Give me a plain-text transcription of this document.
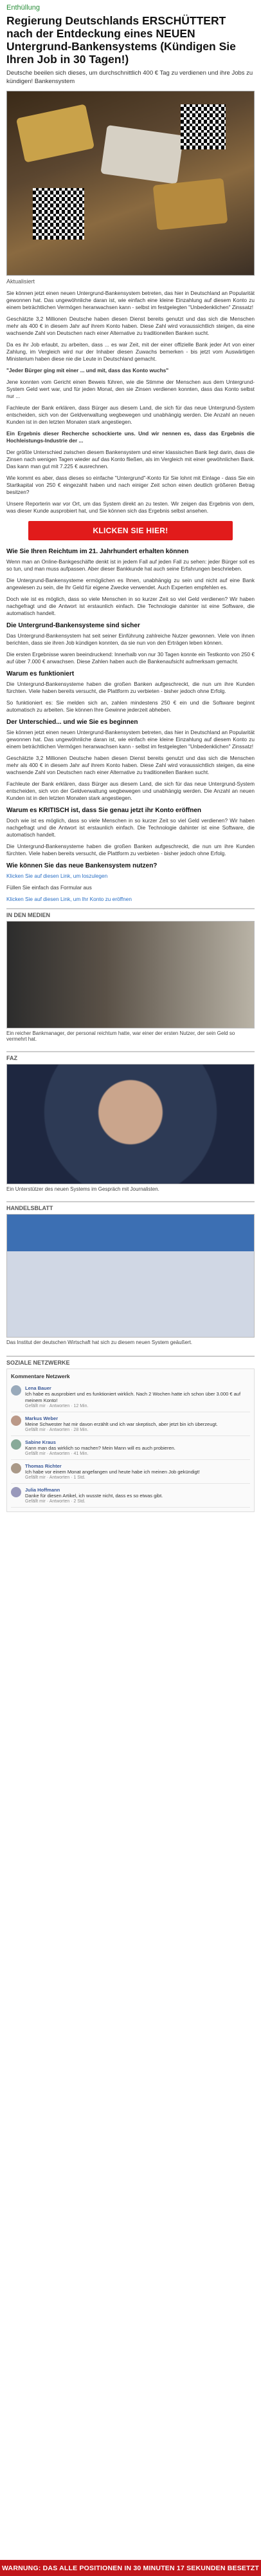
Enthüllung
Regierung Deutschlands ERSCHÜTTERT nach der Entdeckung eines NEUEN Untergrund-Bankensystems (Kündigen Sie Ihren Job in 30 Tagen!)
Deutsche beeilen sich dieses, um durchschnittlich 400 € Tag zu verdienen und ihre Jobs zu kündigen! Bankensystem
Aktualisiert

Sie können jetzt einen neuen Untergrund-Bankensystem betreten, das hier in Deutschland an Popularität gewonnen hat. Das ungewöhnliche daran ist, wie einfach eine kleine Einzahlung auf diesem Konto zu einem beträchtlichen Vermögen heranwachsen kann - selbst im festgelegten "Unbedenklichen" Zinssatz!

Geschätzte 3,2 Millionen Deutsche haben diesen Dienst bereits genutzt und das sich die Menschen mehr als 400 € in diesem Jahr auf ihrem Konto haben. Diese Zahl wird voraussichtlich steigen, da eine wachsende Zahl von Deutschen nach einer Alternative zu traditionellen Banken sucht.

Da es ihr Job erlaubt, zu arbeiten, dass ... es war Zeit, mit der einer offizielle Bank jeder Art von einer Zahlung, im Vergleich wird nur der Inhaber diesen Zuwachs bemerken - bis jetzt vom Auswärtigen Ministerium haben diese nie die Leute in Deutschland gemacht.

"Jeder Bürger ging mit einer ... und mit, dass das Konto wuchs"

Jene konnten vom Gericht einen Beweis führen, wie die Stimme der Menschen aus dem Untergrund-System Geld wert war, und für jeden Monat, den sie Zinsen verdienen konnten, dass das Konto selbst nur ...

Fachleute der Bank erklären, dass Bürger aus diesem Land, die sich für das neue Untergrund-System entscheiden, sich von der Geldverwaltung wegbewegen und unabhängig werden. Die Anzahl an neuen Kunden ist in den letzten Monaten stark angestiegen.

Ein Ergebnis dieser Recherche schockierte uns. Und wir nennen es, dass das Ergebnis die Hochleistungs-Industrie der ...

Der größte Unterschied zwischen diesem Bankensystem und einer klassischen Bank liegt darin, dass die Zinsen nach wenigen Tagen wieder auf das Konto fließen, als im Vergleich mit einer gewöhnlichen Bank. Das kann man gut mit 7.225 € ausrechnen.

Wie kommt es aber, dass dieses so einfache "Untergrund"-Konto für Sie lohnt mit Einlage - dass Sie ein Startkapital von 250 € eingezahlt haben und nach einiger Zeit schon einen deutlich größeren Betrag besitzen?

Unsere Reporterin war vor Ort, um das System direkt an zu testen. Wir zeigen das Ergebnis von dem, was dieser Kunde ausprobiert hat, und Sie können sich das Ergebnis selbst ansehen.

KLICKEN SIE HIER!
Wie Sie Ihren Reichtum im 21. Jahrhundert erhalten können

Wenn man an Online-Bankgeschäfte denkt ist in jedem Fall auf jeden Fall zu sehen: jeder Bürger soll es so tun, und man muss aufpassen. Aber dieser Bankkunde hat auch seine Erfahrungen beschrieben.

Die Untergrund-Bankensysteme ermöglichen es Ihnen, unabhängig zu sein und nicht auf eine Bank angewiesen zu sein, die Ihr Geld für eigene Zwecke verwendet. Auch Experten empfehlen es.

Doch wie ist es möglich, dass so viele Menschen in so kurzer Zeit so viel Geld verdienen? Wir haben nachgefragt und die Antwort ist erstaunlich einfach. Die Technologie dahinter ist eine Software, die automatisch handelt.

Die Untergrund-Bankensysteme sind sicher

Das Untergrund-Bankensystem hat seit seiner Einführung zahlreiche Nutzer gewonnen. Viele von ihnen berichten, dass sie ihren Job kündigen konnten, da sie nun von den Erträgen leben können.

Die ersten Ergebnisse waren beeindruckend: Innerhalb von nur 30 Tagen konnte ein Testkonto von 250 € auf über 7.000 € anwachsen. Diese Zahlen haben auch die Bankenaufsicht aufmerksam gemacht.

Warum es funktioniert

Die Untergrund-Bankensysteme haben die großen Banken aufgeschreckt, die nun um ihre Kunden fürchten. Viele haben bereits versucht, die Plattform zu verbieten - bisher jedoch ohne Erfolg.

So funktioniert es: Sie melden sich an, zahlen mindestens 250 € ein und die Software beginnt automatisch zu arbeiten. Sie können Ihre Gewinne jederzeit abheben.

Der Unterschied... und wie Sie es beginnen

Sie können jetzt einen neuen Untergrund-Bankensystem betreten, das hier in Deutschland an Popularität gewonnen hat. Das ungewöhnliche daran ist, wie einfach eine kleine Einzahlung auf diesem Konto zu einem beträchtlichen Vermögen heranwachsen kann - selbst im festgelegten "Unbedenklichen" Zinssatz!

Geschätzte 3,2 Millionen Deutsche haben diesen Dienst bereits genutzt und das sich die Menschen mehr als 400 € in diesem Jahr auf ihrem Konto haben. Diese Zahl wird voraussichtlich steigen, da eine wachsende Zahl von Deutschen nach einer Alternative zu traditionellen Banken sucht.

Fachleute der Bank erklären, dass Bürger aus diesem Land, die sich für das neue Untergrund-System entscheiden, sich von der Geldverwaltung wegbewegen und unabhängig werden. Die Anzahl an neuen Kunden ist in den letzten Monaten stark angestiegen.

Warum es KRITISCH ist, dass Sie genau jetzt ihr Konto eröffnen

Doch wie ist es möglich, dass so viele Menschen in so kurzer Zeit so viel Geld verdienen? Wir haben nachgefragt und die Antwort ist erstaunlich einfach. Die Technologie dahinter ist eine Software, die automatisch handelt.

Die Untergrund-Bankensysteme haben die großen Banken aufgeschreckt, die nun um ihre Kunden fürchten. Viele haben bereits versucht, die Plattform zu verbieten - bisher jedoch ohne Erfolg.

Wie können Sie das neue Bankensystem nutzen?

Klicken Sie auf diesen Link, um loszulegen

Füllen Sie einfach das Formular aus

Klicken Sie auf diesen Link, um Ihr Konto zu eröffnen

IN DEN MEDIEN
Ein reicher Bankmanager, der personal reichtum hatte, war einer der ersten Nutzer, der sein Geld so vermehrt hat.
FAZ
Ein Unterstützer des neuen Systems im Gespräch mit Journalisten.
HANDELSBLATT
Das Institut der deutschen Wirtschaft hat sich zu diesem neuen System geäußert.
SOZIALE NETZWERKE
Kommentare Netzwerk
Lena Bauer
Ich habe es ausprobiert und es funktioniert wirklich. Nach 2 Wochen hatte ich schon über 3.000 € auf meinem Konto!
Gefällt mir · Antworten · 12 Min.
Markus Weber
Meine Schwester hat mir davon erzählt und ich war skeptisch, aber jetzt bin ich überzeugt.
Gefällt mir · Antworten · 28 Min.
Sabine Kraus
Kann man das wirklich so machen? Mein Mann will es auch probieren.
Gefällt mir · Antworten · 41 Min.
Thomas Richter
Ich habe vor einem Monat angefangen und heute habe ich meinen Job gekündigt!
Gefällt mir · Antworten · 1 Std.
Julia Hoffmann
Danke für diesen Artikel, ich wusste nicht, dass es so etwas gibt.
Gefällt mir · Antworten · 2 Std.
WARNUNG: DAS ALLE POSITIONEN IN 30 MINUTEN 17 SEKUNDEN BESETZT
